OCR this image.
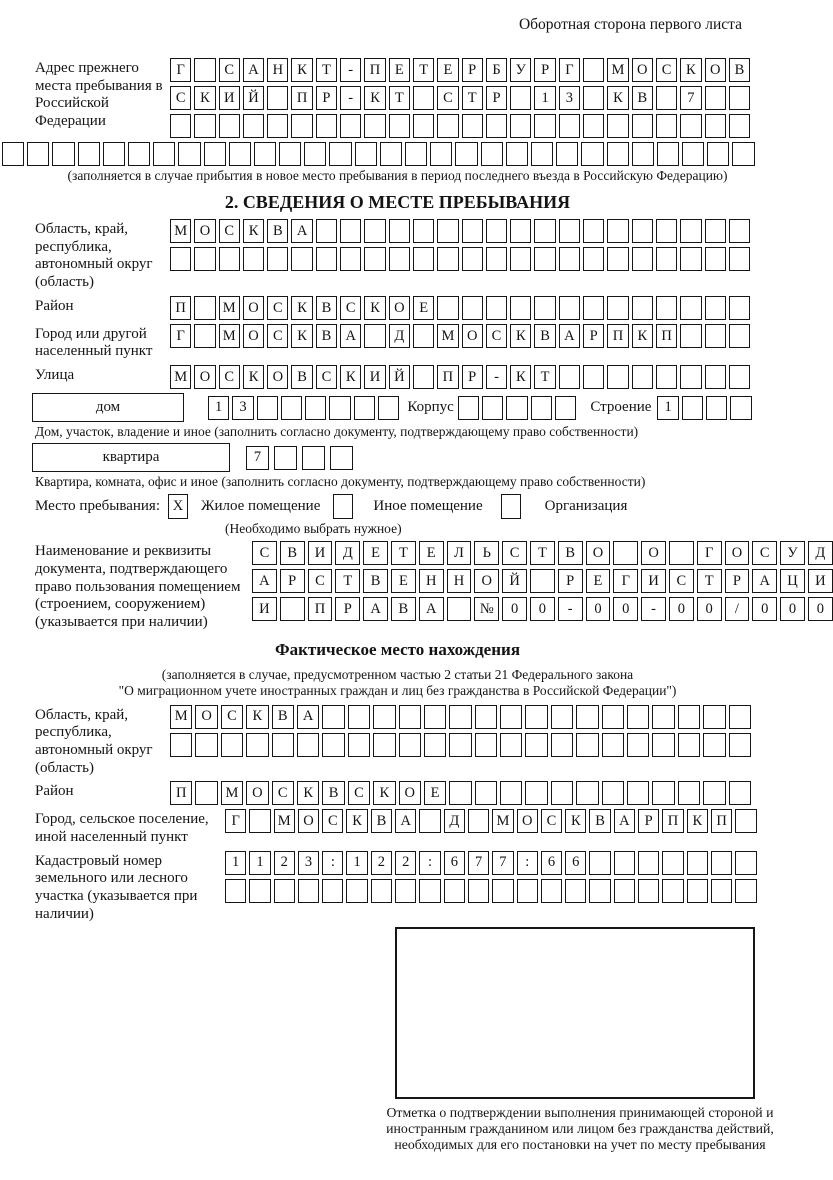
Оборотная сторона первого листа
Адрес прежнего места пребывания в Российской Федерации
Г	С А Н К	Т	-	П	Е	Т	Е	Р	Б	У	Р	Г	М О С	К О В
С	К И Й	П	Р	-	К	Т	С	Т	Р	1	3	К	В	7
(заполняется в случае прибытия в новое место пребывания в период последнего въезда в Российскую Федерацию)
2. СВЕДЕНИЯ О МЕСТЕ ПРЕБЫВАНИЯ
Область, край, республика, автономный округ (область)
М О С	К	В А
Район	П	М О С	К	В	С	К О	Е
Город или другой населенный пункт
Г	М О С	К	В А	Д	М О С	К	В А	Р	П К П
Улица	М О С	К О В	С	К И Й	П	Р	-	К	Т
дом	1	3	Корпус	Строение 1
Дом, участок, владение и иное (заполнить согласно документу, подтверждающему право собственности)
квартира	7
Квартира, комната, офис и иное (заполнить согласно документу, подтверждающему право собственности)
Место пребывания: X	Жилое помещение	Иное помещение	Организация
(Необходимо выбрать нужное)
Наименование и реквизиты документа, подтверждающего право пользования помещением (строением, сооружением) (указывается при наличии)
С	В	И	Д	Е	Т	Е	Л	Ь	С	Т	В	О	О	Г	О	С	У	Д
А	Р	С	Т	В	Е	Н	Н	О	Й	Р	Е	Г	И	С	Т	Р	А	Ц	И
И	П	Р	А	В	А	№	0	0	-	0	0	-	0	0	/	0	0	0
Фактическое место нахождения
(заполняется в случае, предусмотренном частью 2 статьи 21 Федерального закона
"О миграционном учете иностранных граждан и лиц без гражданства в Российской Федерации")
Область, край, республика, автономный округ (область)
М О	С	К	В	А
Район	П	М О	С	К	В	С	К	О	Е
Город, сельское поселение, иной населенный пункт
Г	М О С	К	В А	Д	М О С	К	В А	Р	П К П
Кадастровый номер земельного или лесного участка (указывается при наличии)
1	1	2	3	:	1	2	2	:	6	7	7	:	6	6
Отметка о подтверждении выполнения принимающей стороной и иностранным гражданином или лицом без гражданства действий, необходимых для его постановки на учет по месту пребывания
